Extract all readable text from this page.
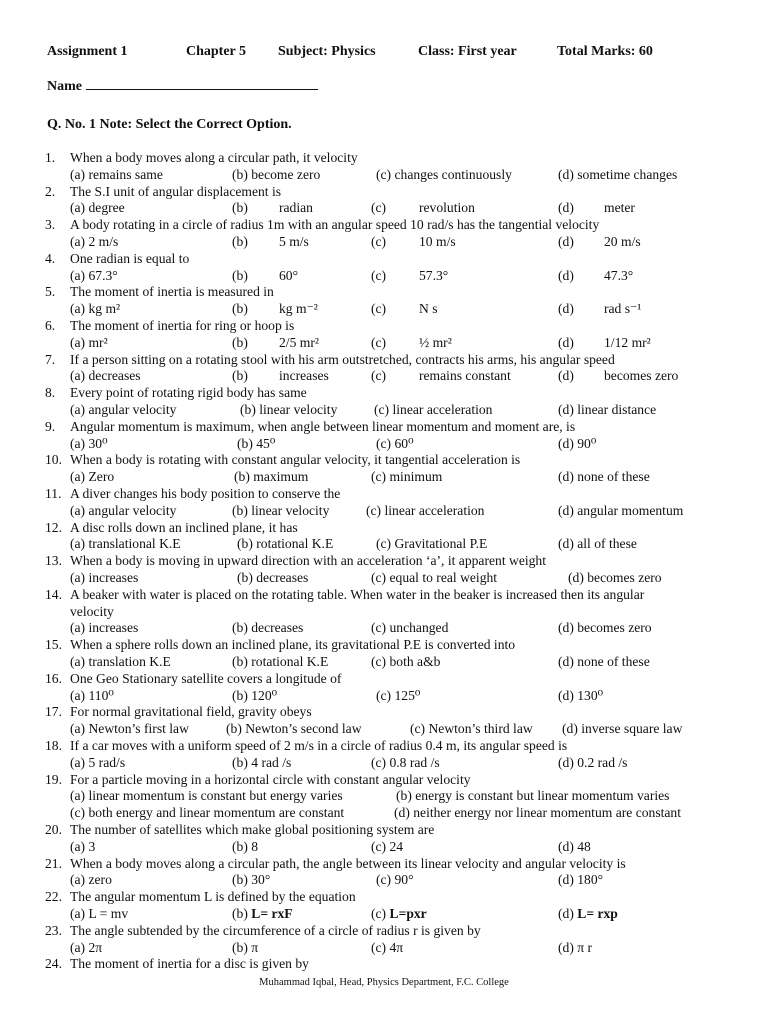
Assignment 1	Chapter 5 Subject: Physics	Class: First year	Total Marks: 60
Name
Q. No. 1 Note: Select the Correct Option.
1. When a body moves along a circular path, it velocity
(a) remains same	(b) become zero	(c) changes continuously	(d) sometime changes
2. The S.I unit of angular displacement is
(a) degree	(b) radian	(c) revolution	(d) meter
3. A body rotating in a circle of radius 1m with an angular speed 10 rad/s has the tangential velocity
(a) 2 m/s	(b) 5 m/s	(c) 10 m/s	(d) 20 m/s
4. One radian is equal to
(a) 67.3°	(b) 60°	(c) 57.3°	(d) 47.3°
5. The moment of inertia is measured in
(a) kg m²	(b) kg m⁻²	(c) N s	(d) rad s⁻¹
6. The moment of inertia for ring or hoop is
(a) mr²	(b) 2/5 mr²	(c) ½ mr²	(d) 1/12 mr²
7. If a person sitting on a rotating stool with his arm outstretched, contracts his arms, his angular speed
(a) decreases	(b) increases	(c) remains constant	(d) becomes zero
8. Every point of rotating rigid body has same
(a) angular velocity	(b) linear velocity	(c) linear acceleration	(d) linear distance
9. Angular momentum is maximum, when angle between linear momentum and moment are, is
(a) 30⁰	(b) 45⁰	(c) 60⁰	(d) 90⁰
10. When a body is rotating with constant angular velocity, it tangential acceleration is
(a) Zero	(b) maximum	(c) minimum	(d) none of these
11. A diver changes his body position to conserve the
(a) angular velocity	(b) linear velocity	(c) linear acceleration	(d) angular momentum
12. A disc rolls down an inclined plane, it has
(a) translational K.E	(b) rotational K.E	(c) Gravitational P.E	(d) all of these
13. When a body is moving in upward direction with an acceleration ‘a’, it apparent weight
(a) increases	(b) decreases	(c) equal to real weight	(d) becomes zero
14. A beaker with water is placed on the rotating table. When water in the beaker is increased then its angular velocity
(a) increases	(b) decreases	(c) unchanged	(d) becomes zero
15. When a sphere rolls down an inclined plane, its gravitational P.E is converted into
(a) translation K.E	(b) rotational K.E	(c) both a&b	(d) none of these
16. One Geo Stationary satellite covers a longitude of
(a) 110⁰	(b) 120⁰	(c) 125⁰	(d) 130⁰
17. For normal gravitational field, gravity obeys
(a) Newton’s first law	(b) Newton’s second law	(c) Newton’s third law (d) inverse square law
18. If a car moves with a uniform speed of 2 m/s in a circle of radius 0.4 m, its angular speed is
(a) 5 rad/s	(b) 4 rad /s	(c) 0.8 rad /s	(d) 0.2 rad /s
19. For a particle moving in a horizontal circle with constant angular velocity
(a) linear momentum is constant but energy varies	(b) energy is constant but linear momentum varies
(c) both energy and linear momentum are constant	(d) neither energy nor linear momentum are constant
20. The number of satellites which make global positioning system are
(a) 3	(b) 8	(c) 24	(d) 48
21. When a body moves along a circular path, the angle between its linear velocity and angular velocity is
(a) zero	(b) 30°	(c) 90°	(d) 180°
22. The angular momentum L is defined by the equation
(a) L = mv	(b) L= rxF	(c) L=pxr	(d) L= rxp
23. The angle subtended by the circumference of a circle of radius r is given by
(a) 2π	(b) π	(c) 4π	(d) π r
24. The moment of inertia for a disc is given by
Muhammad Iqbal, Head, Physics Department, F.C. College
